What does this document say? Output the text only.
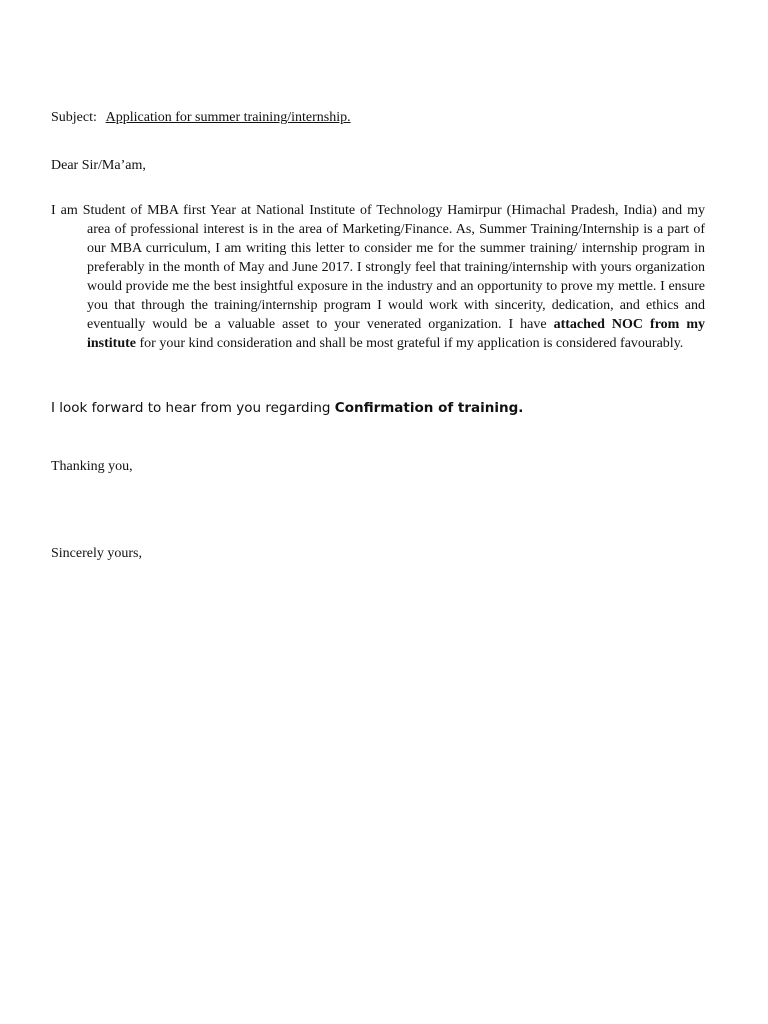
Subject: Application for summer training/internship.
Dear Sir/Ma’am,

I am Student of MBA first Year at National Institute of Technology Hamirpur (Himachal Pradesh, India) and my area of professional interest is in the area of Marketing/Finance. As, Summer Training/Internship is a part of our MBA curriculum, I am writing this letter to consider me for the summer training/ internship program in preferably in the month of May and June 2017. I strongly feel that training/internship with yours organization would provide me the best insightful exposure in the industry and an opportunity to prove my mettle. I ensure you that through the training/internship program I would work with sincerity, dedication, and ethics and eventually would be a valuable asset to your venerated organization. I have attached NOC from my institute for your kind consideration and shall be most grateful if my application is considered favourably.

I look forward to hear from you regarding Confirmation of training.
Thanking you,
Sincerely yours,
